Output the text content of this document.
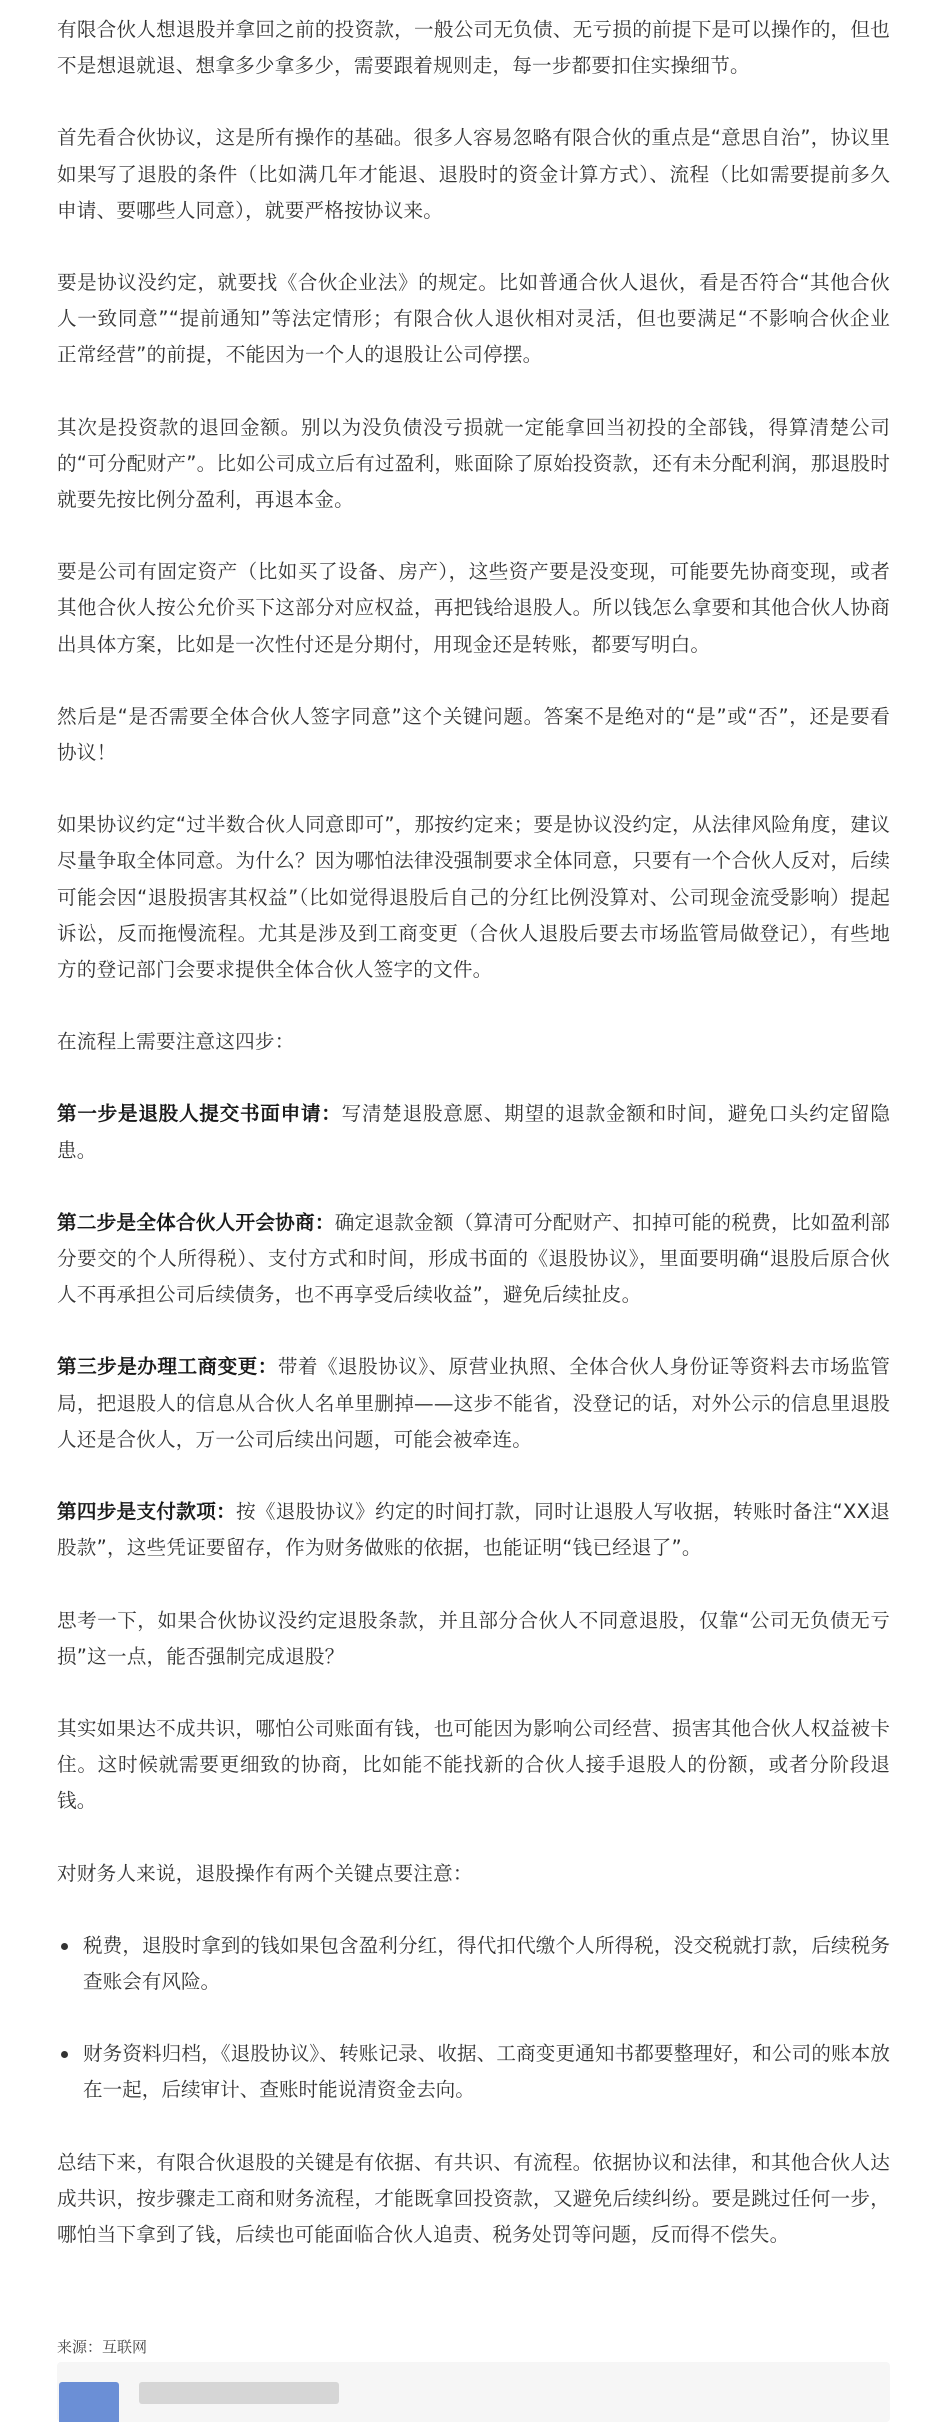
有限合伙人想退股并拿回之前的投资款，一般公司无负债、无亏损的前提下是可以操作的，但也不是想退就退、想拿多少拿多少，需要跟着规则走，每一步都要扣住实操细节。

首先看合伙协议，这是所有操作的基础。很多人容易忽略有限合伙的重点是“意思自治”，协议里如果写了退股的条件（比如满几年才能退、退股时的资金计算方式）、流程（比如需要提前多久申请、要哪些人同意），就要严格按协议来。

要是协议没约定，就要找《合伙企业法》的规定。比如普通合伙人退伙，看是否符合“其他合伙人一致同意”“提前通知”等法定情形；有限合伙人退伙相对灵活，但也要满足“不影响合伙企业正常经营”的前提，不能因为一个人的退股让公司停摆。

其次是投资款的退回金额。别以为没负债没亏损就一定能拿回当初投的全部钱，得算清楚公司的“可分配财产”。比如公司成立后有过盈利，账面除了原始投资款，还有未分配利润，那退股时就要先按比例分盈利，再退本金。

要是公司有固定资产（比如买了设备、房产），这些资产要是没变现，可能要先协商变现，或者其他合伙人按公允价买下这部分对应权益，再把钱给退股人。所以钱怎么拿要和其他合伙人协商出具体方案，比如是一次性付还是分期付，用现金还是转账，都要写明白。

然后是“是否需要全体合伙人签字同意”这个关键问题。答案不是绝对的“是”或“否”，还是要看协议！

如果协议约定“过半数合伙人同意即可”，那按约定来；要是协议没约定，从法律风险角度，建议尽量争取全体同意。为什么？因为哪怕法律没强制要求全体同意，只要有一个合伙人反对，后续可能会因“退股损害其权益”（比如觉得退股后自己的分红比例没算对、公司现金流受影响）提起诉讼，反而拖慢流程。尤其是涉及到工商变更（合伙人退股后要去市场监管局做登记），有些地方的登记部门会要求提供全体合伙人签字的文件。

在流程上需要注意这四步：

第一步是退股人提交书面申请：写清楚退股意愿、期望的退款金额和时间，避免口头约定留隐患。

第二步是全体合伙人开会协商：确定退款金额（算清可分配财产、扣掉可能的税费，比如盈利部分要交的个人所得税）、支付方式和时间，形成书面的《退股协议》，里面要明确“退股后原合伙人不再承担公司后续债务，也不再享受后续收益”，避免后续扯皮。

第三步是办理工商变更：带着《退股协议》、原营业执照、全体合伙人身份证等资料去市场监管局，把退股人的信息从合伙人名单里删掉——这步不能省，没登记的话，对外公示的信息里退股人还是合伙人，万一公司后续出问题，可能会被牵连。

第四步是支付款项：按《退股协议》约定的时间打款，同时让退股人写收据，转账时备注“XX退股款”，这些凭证要留存，作为财务做账的依据，也能证明“钱已经退了”。

思考一下，如果合伙协议没约定退股条款，并且部分合伙人不同意退股，仅靠“公司无负债无亏损”这一点，能否强制完成退股？

其实如果达不成共识，哪怕公司账面有钱，也可能因为影响公司经营、损害其他合伙人权益被卡住。这时候就需要更细致的协商，比如能不能找新的合伙人接手退股人的份额，或者分阶段退钱。

对财务人来说，退股操作有两个关键点要注意：

税费，退股时拿到的钱如果包含盈利分红，得代扣代缴个人所得税，没交税就打款，后续税务查账会有风险。
财务资料归档，《退股协议》、转账记录、收据、工商变更通知书都要整理好，和公司的账本放在一起，后续审计、查账时能说清资金去向。

总结下来，有限合伙退股的关键是有依据、有共识、有流程。依据协议和法律，和其他合伙人达成共识，按步骤走工商和财务流程，才能既拿回投资款，又避免后续纠纷。要是跳过任何一步，哪怕当下拿到了钱，后续也可能面临合伙人追责、税务处罚等问题，反而得不偿失。

来源：互联网
